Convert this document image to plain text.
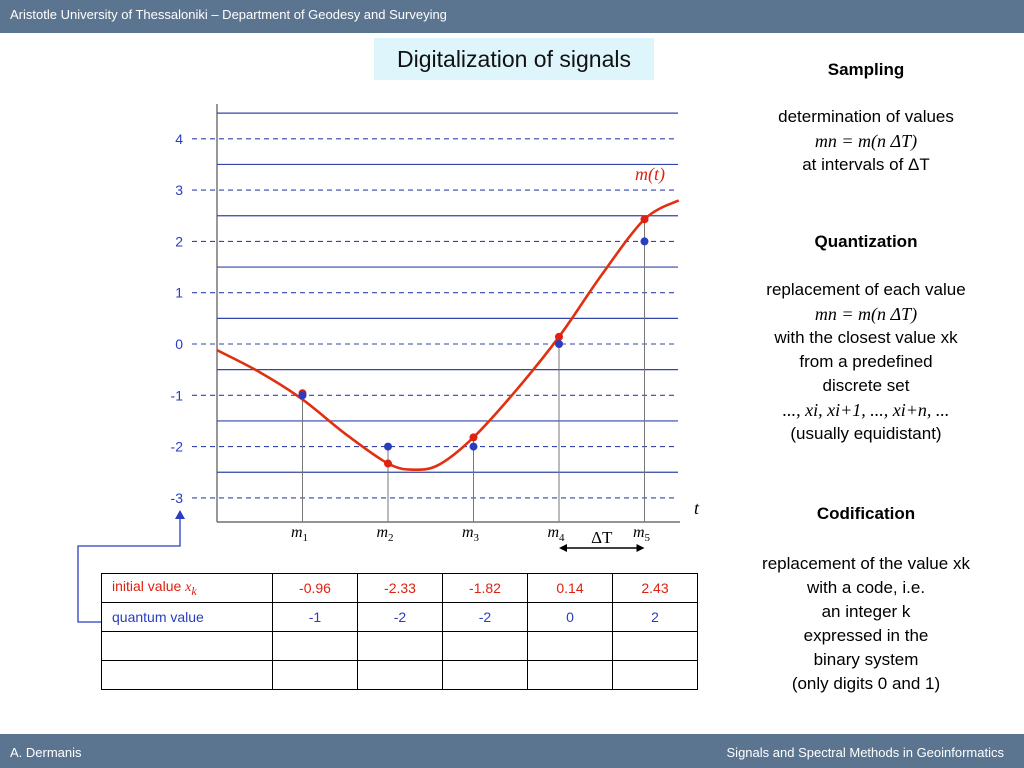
Aristotle University of Thessaloniki – Department of Geodesy and Surveying
Digitalization of signals
4
3
2
1
0
-1
-2
-3
$m_1$	$m_2$	$m_3$	$m_4$	$m_5$
m(t)
t
ΔT
initial value xk	-0.96	-2.33	-1.82	0.14	2.43
quantum value	-1	-2	-2	0	2

Sampling
determination of values
mn = m(n ΔT)
at intervals of ΔT
Quantization
replacement of each value
mn = m(n ΔT)
with the closest value xk
from a predefined
discrete set
..., xi, xi+1, ..., xi+n, ...
(usually equidistant)
Codification
replacement of the value xk
with a code, i.e.
an integer k
expressed in the
binary system
(only digits 0 and 1)
A. Dermanis	Signals and Spectral Methods in Geoinformatics
